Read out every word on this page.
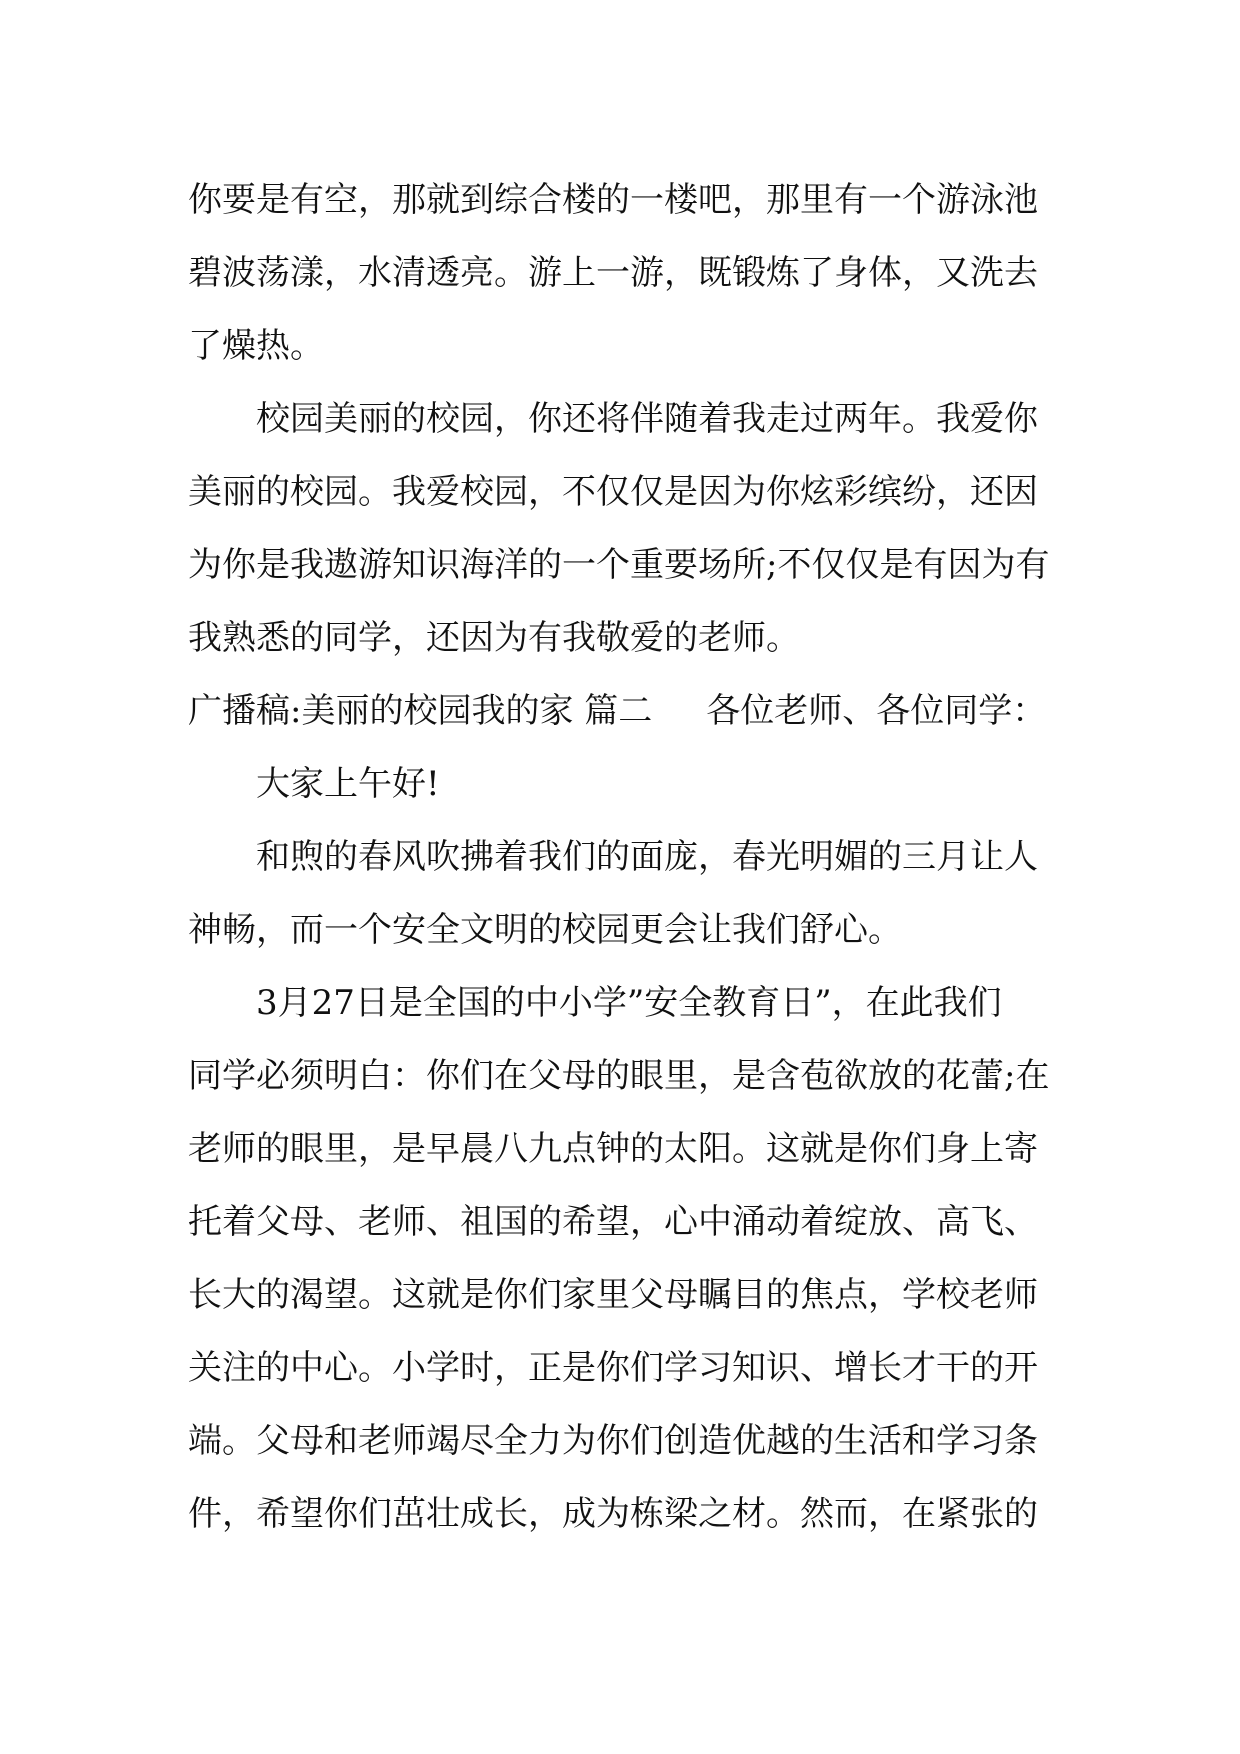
你要是有空，那就到综合楼的一楼吧，那里有一个游泳池
碧波荡漾，水清透亮。游上一游，既锻炼了身体，又洗去
了燥热。
校园美丽的校园，你还将伴随着我走过两年。我爱你
美丽的校园。我爱校园，不仅仅是因为你炫彩缤纷，还因
为你是我遨游知识海洋的一个重要场所;不仅仅是有因为有
我熟悉的同学，还因为有我敬爱的老师。
广播稿:美丽的校园我的家 篇二 各位老师、各位同学：
大家上午好!
和煦的春风吹拂着我们的面庞，春光明媚的三月让人
神畅，而一个安全文明的校园更会让我们舒心。
3月27日是全国的中小学”安全教育日”，在此我们
同学必须明白：你们在父母的眼里，是含苞欲放的花蕾;在
老师的眼里，是早晨八九点钟的太阳。这就是你们身上寄
托着父母、老师、祖国的希望，心中涌动着绽放、高飞、
长大的渴望。这就是你们家里父母瞩目的焦点，学校老师
关注的中心。小学时，正是你们学习知识、增长才干的开
端。父母和老师竭尽全力为你们创造优越的生活和学习条
件，希望你们茁壮成长，成为栋梁之材。然而，在紧张的
